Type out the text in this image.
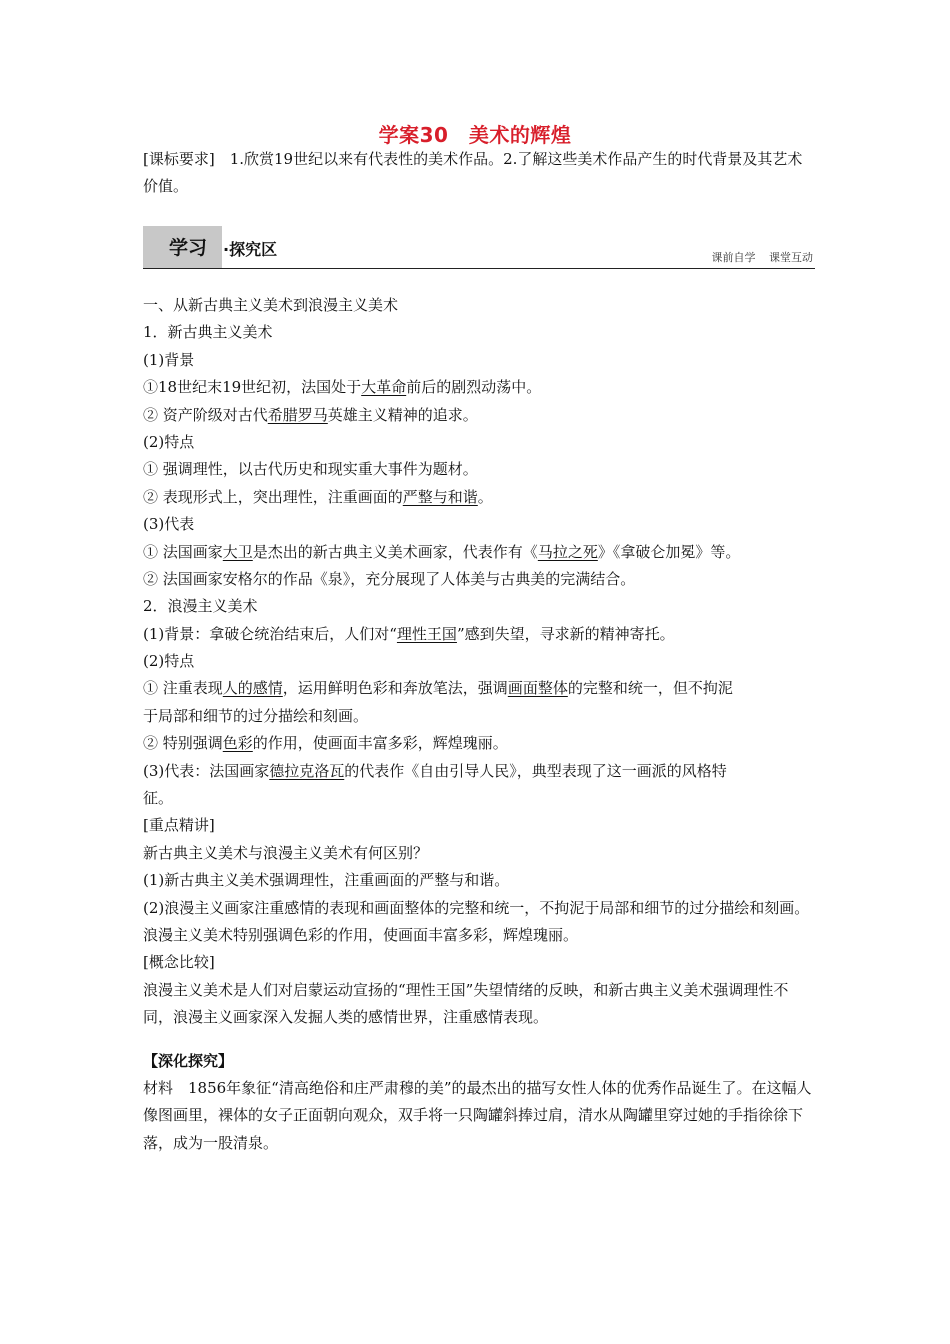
学案30　美术的辉煌
[课标要求]　1.欣赏19世纪以来有代表性的美术作品。2.了解这些美术作品产生的时代背景及其艺术价值。
学习 ·探究区	课前自学 课堂互动
一、从新古典主义美术到浪漫主义美术
1．新古典主义美术
(1)背景
①18世纪末19世纪初，法国处于大革命前后的剧烈动荡中。
② 资产阶级对古代希腊罗马英雄主义精神的追求。
(2)特点
① 强调理性，以古代历史和现实重大事件为题材。
② 表现形式上，突出理性，注重画面的严整与和谐。
(3)代表
① 法国画家大卫是杰出的新古典主义美术画家，代表作有《马拉之死》《拿破仑加冕》等。
② 法国画家安格尔的作品《泉》，充分展现了人体美与古典美的完满结合。
2．浪漫主义美术
(1)背景：拿破仑统治结束后，人们对“理性王国”感到失望，寻求新的精神寄托。
(2)特点
① 注重表现人的感情，运用鲜明色彩和奔放笔法，强调画面整体的完整和统一，但不拘泥
于局部和细节的过分描绘和刻画。
② 特别强调色彩的作用，使画面丰富多彩，辉煌瑰丽。
(3)代表：法国画家德拉克洛瓦的代表作《自由引导人民》，典型表现了这一画派的风格特
征。
[重点精讲]
新古典主义美术与浪漫主义美术有何区别？
(1)新古典主义美术强调理性，注重画面的严整与和谐。
(2)浪漫主义画家注重感情的表现和画面整体的完整和统一，不拘泥于局部和细节的过分描绘和刻画。浪漫主义美术特别强调色彩的作用，使画面丰富多彩，辉煌瑰丽。
[概念比较]
浪漫主义美术是人们对启蒙运动宣扬的“理性王国”失望情绪的反映，和新古典主义美术强调理性不同，浪漫主义画家深入发掘人类的感情世界，注重感情表现。
【深化探究】
材料　1856年象征“清高绝俗和庄严肃穆的美”的最杰出的描写女性人体的优秀作品诞生了。在这幅人像图画里，裸体的女子正面朝向观众，双手将一只陶罐斜捧过肩，清水从陶罐里穿过她的手指徐徐下落，成为一股清泉。
